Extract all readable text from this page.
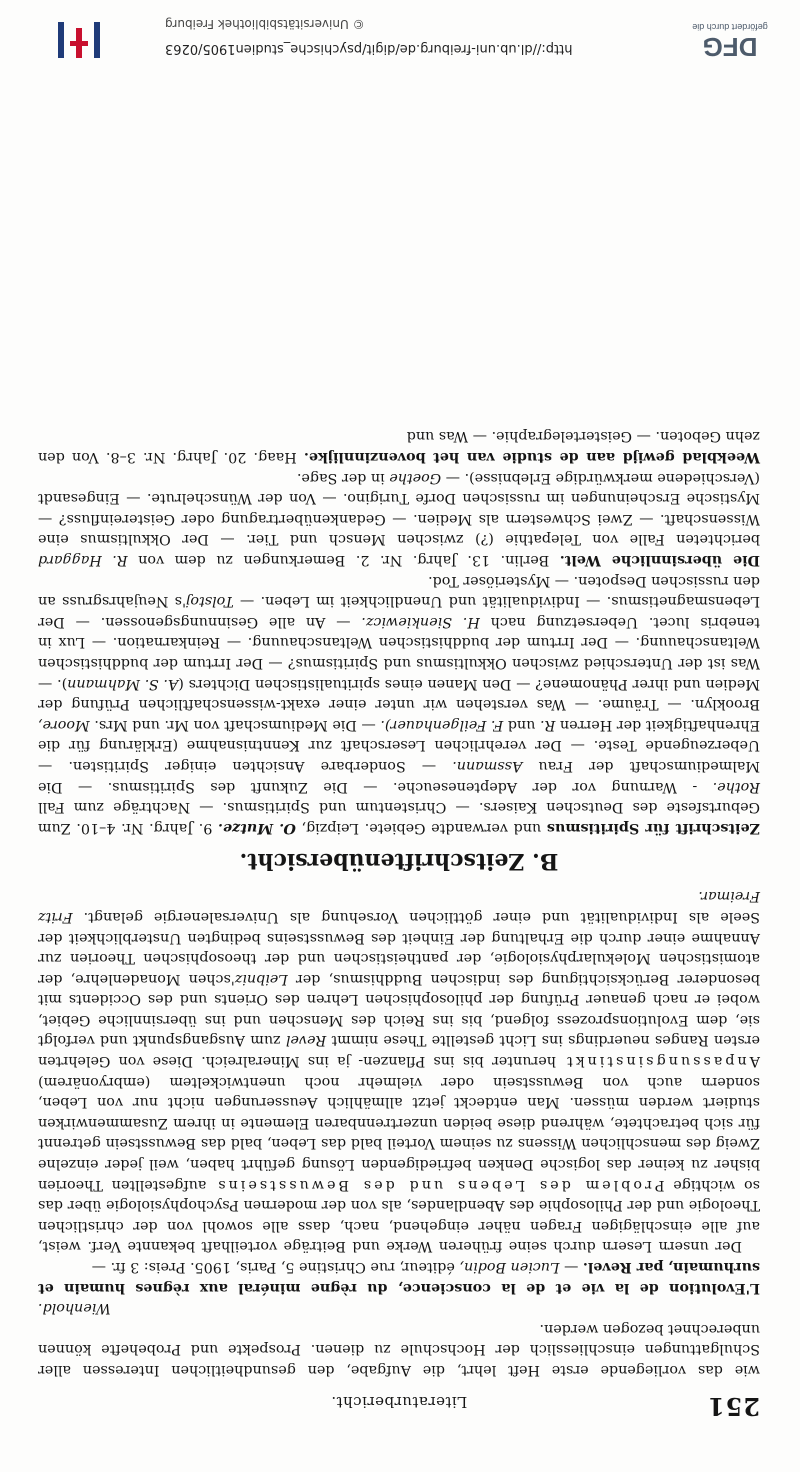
251
Literaturbericht.

wie das vorliegende erste Heft lehrt, die Aufgabe, den gesundheitlichen Interessen aller Schulgattungen einschliesslich der Hochschule zu dienen. Prospekte und Probehefte können unberechnet bezogen werden.

Wienhold.

L'Evolution de la vie et de la conscience, du règne minéral aux règnes humain et surhumain, par Revel. — Lucien Bodin, éditeur, rue Christine 5, Paris, 1905. Preis: 3 fr. —

Der unsern Lesern durch seine früheren Werke und Beiträge vorteilhaft bekannte Verf. weist, auf alle einschlägigen Fragen näher eingehend, nach, dass alle sowohl von der christlichen Theologie und der Philosophie des Abendlandes, als von der modernen Psychophysiologie über das so wichtige Problem des Lebens und des Bewusstseins aufgestellten Theorien bisher zu keiner das logische Denken befriedigenden Lösung geführt haben, weil jeder einzelne Zweig des menschlichen Wissens zu seinem Vorteil bald das Leben, bald das Bewusstsein getrennt für sich betrachtete, während diese beiden unzertrennbaren Elemente in ihrem Zusammenwirken studiert werden müssen. Man entdeckt jetzt allmählich Aeusserungen nicht nur von Leben, sondern auch von Bewusstsein oder vielmehr noch unentwickeltem (embryonärem) Anpassungsinstinkt herunter bis ins Pflanzen- ja ins Mineralreich. Diese von Gelehrten ersten Ranges neuerdings ins Licht gestellte These nimmt Revel zum Ausgangspunkt und verfolgt sie, dem Evolutionsprozess folgend, bis ins Reich des Menschen und ins übersinnliche Gebiet, wobei er nach genauer Prüfung der philosophischen Lehren des Orients und des Occidents mit besonderer Berücksichtigung des indischen Buddhismus, der Leibniz'schen Monadenlehre, der atomistischen Molekularphysiologie, der pantheistischen und der theosophischen Theorien zur Annahme einer durch die Erhaltung der Einheit des Bewusstseins bedingten Unsterblichkeit der Seele als Individualität und einer göttlichen Vorsehung als Universalenergie gelangt. Fritz Freimar.

B. Zeitschriftenübersicht.

Zeitschrift für Spiritismus und verwandte Gebiete. Leipzig, O. Mutze. 9. Jahrg. Nr. 4–10. Zum Geburtsfeste des Deutschen Kaisers. — Christentum und Spiritismus. — Nachträge zum Fall Rothe. - Warnung vor der Adepteneseuche. — Die Zukunft des Spiritismus. — Die Malmediumschaft der Frau Assmann. — Sonderbare Ansichten einiger Spiritisten. — Ueberzeugende Teste. — Der verehrlichen Leserschaft zur Kenntnisnahme (Erklärung für die Ehrenhaftigkeit der Herren R. und F. Feilgenhauer). — Die Mediumschaft von Mr. und Mrs. Moore, Brooklyn. — Träume. — Was verstehen wir unter einer exakt-wissenschaftlichen Prüfung der Medien und ihrer Phänomene? — Den Manen eines spiritualistischen Dichters (A. S. Mahmann). — Was ist der Unterschied zwischen Okkultismus und Spiritismus? — Der Irrtum der buddhistischen Weltanschauung. — Der Irrtum der buddhistischen Weltanschauung. — Reinkarnation. — Lux in tenebris lucet. Uebersetzung nach H. Sienkiewicz. — An alle Gesinnungsgenossen. — Der Lebensmagnetismus. — Individualität und Unendlichkeit im Leben. — Tolstoj's Neujahrsgruss an den russischen Despoten. — Mysteriöser Tod.

Die übersinnliche Welt. Berlin. 13. Jahrg. Nr. 2. Bemerkungen zu dem von R. Haggard berichteten Falle von Telepathie (?) zwischen Mensch und Tier. — Der Okkultismus eine Wissenschaft. — Zwei Schwestern als Medien. — Gedankenübertragung oder Geistereinfluss? — Mystische Erscheinungen im russischen Dorfe Turigino. — Von der Wünschelrute. — Eingesandt (Verschiedene merkwürdige Erlebnisse). — Goethe in der Sage.

Weekblad gewijd aan de studie van het bovenzinnlijke. Haag. 20. Jahrg. Nr. 3–8. Von den zehn Geboten. — Geistertelegraphie. — Was und

http://dl.ub.uni-freiburg.de/digit/psychische_studien1905/0263
© Universitätsbibliothek Freiburg
DFG
gefördert durch die
